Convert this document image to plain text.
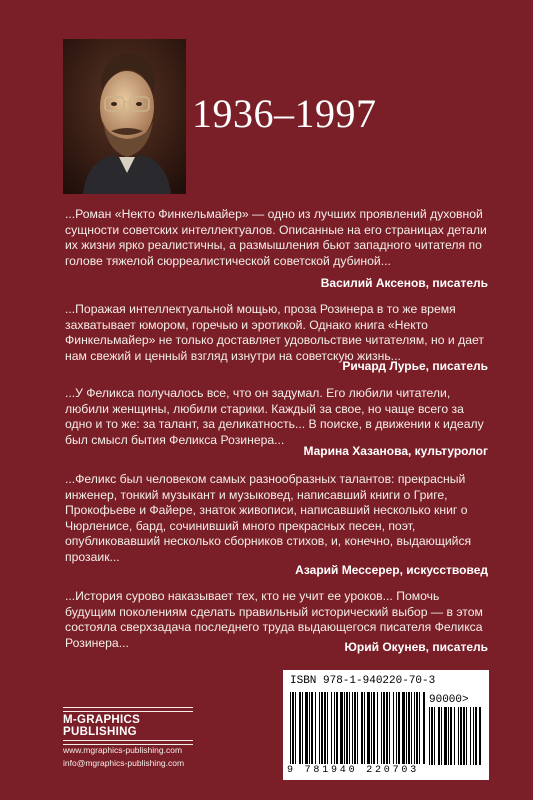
1936–1997

...Роман «Некто Финкельмайер» — одно из лучших проявлений духовной сущности советских интеллектуалов. Описанные на его страницах детали их жизни ярко реалистичны, а размышления бьют западного читателя по голове тяжелой сюрреалистической советской дубиной...

Василий Аксенов, писатель

...Поражая интеллектуальной мощью, проза Розинера в то же время захватывает юмором, горечью и эротикой. Однако книга «Некто Финкельмайер» не только доставляет удовольствие читателям, но и дает нам свежий и ценный взгляд изнутри на советскую жизнь...

Ричард Лурье, писатель

...У Феликса получалось все, что он задумал. Его любили читатели, любили женщины, любили старики. Каждый за свое, но чаще всего за одно и то же: за талант, за деликатность... В поиске, в движении к идеалу был смысл бытия Феликса Розинера...

Марина Хазанова, культуролог

...Феликс был человеком самых разнообразных талантов: прекрасный инженер, тонкий музыкант и музыковед, написавший книги о Григе, Прокофьеве и Файере, знаток живописи, написавший несколько книг о Чюрленисе, бард, сочинивший много прекрасных песен, поэт, опубликовавший несколько сборников стихов, и, конечно, выдающийся прозаик...

Азарий Мессерер, искусствовед

...История сурово наказывает тех, кто не учит ее уроков... Помочь будущим поколениям сделать правильный исторический выбор — в этом состояла сверхзадача последнего труда выдающегося писателя Феликса Розинера...	Юрий Окунев, писатель

M-GRAPHICS PUBLISHING
www.mgraphics-publishing.com
info@mgraphics-publishing.com
ISBN 978-1-940220-70-3
90000>
9 781940 220703
